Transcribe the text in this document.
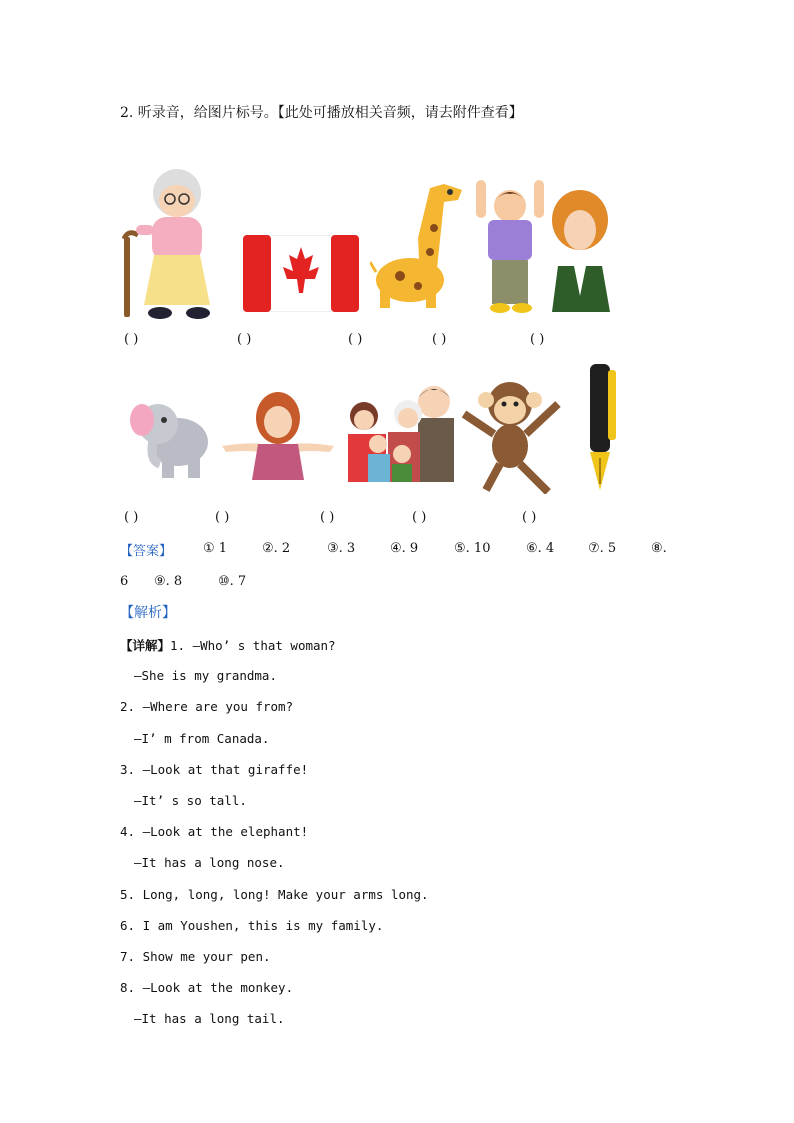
2. 听录音，给图片标号。【此处可播放相关音频，请去附件查看】
( )	( )	( )	( )	( )
( )	( )	( )	( )	( )
【答案】 ① 1	②. 2	③. 3	④. 9	⑤. 10	⑥. 4	⑦. 5	⑧.
6 ⑨. 8	⑩. 7
【解析】
【详解】1. —Who’ s that woman?
—She is my grandma.
2. —Where are you from?
—I’ m from Canada.
3. —Look at that giraffe!
—It’ s so tall.
4. —Look at the elephant!
—It has a long nose.
5. Long, long, long! Make your arms long.
6. I am Youshen, this is my family.
7. Show me your pen.
8. —Look at the monkey.
—It has a long tail.
